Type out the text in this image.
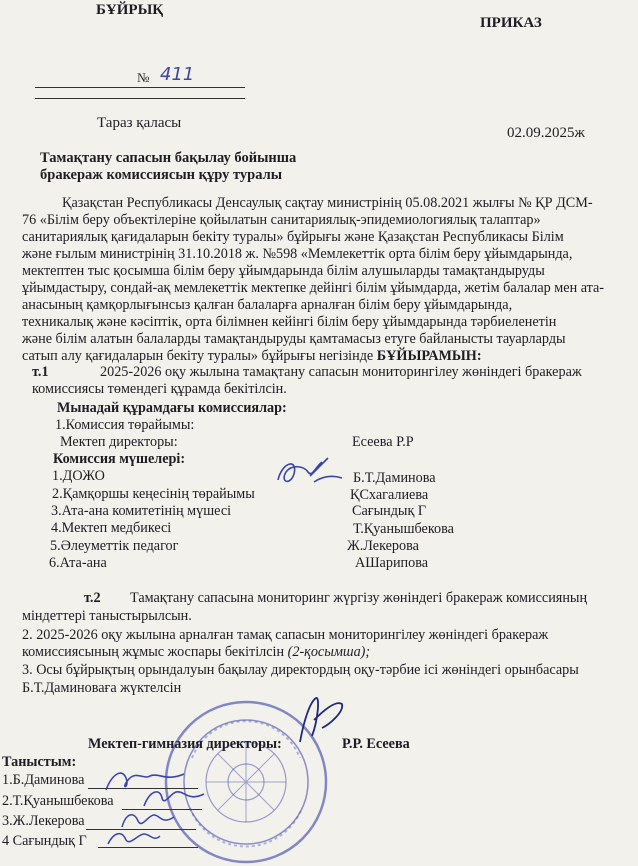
БҰЙРЫҚ
ПРИКАЗ
№ 411
Тараз қаласы
02.09.2025ж
Тамақтану сапасын бақылау бойынша
бракераж комиссиясын құру туралы
Қазақстан Республикасы Денсаулық сақтау министрінің 05.08.2021 жылғы № ҚР ДСМ-
76 «Білім беру объектілеріне қойылатын санитариялық-эпидемиологиялық талаптар»
санитариялық қағидаларын бекіту туралы» бұйрығы және Қазақстан Республикасы Білім
және ғылым министрінің 31.10.2018 ж. №598 «Мемлекеттік орта білім беру ұйымдарында,
мектептен тыс қосымша білім беру ұйымдарында білім алушыларды тамақтандыруды
ұйымдастыру, сондай-ақ мемлекеттік мектепке дейінгі білім ұйымдарда, жетім балалар мен ата-
анасының қамқорлығынсыз қалған балаларға арналған білім беру ұйымдарында,
техникалық және кәсіптік, орта білімнен кейінгі білім беру ұйымдарында тәрбиеленетін
және білім алатын балаларды тамақтандыруды қамтамасыз етуге байланысты тауарларды
сатып алу қағидаларын бекіту туралы» бұйрығы негізінде БҰЙЫРАМЫН:
т.1	2025-2026 оқу жылына тамақтану сапасын мониторингілеу жөніндегі бракераж
комиссиясы төмендегі құрамда бекітілсін.
Мынадай құрамдағы комиссиялар:
1.Комиссия төрайымы:
Мектеп директоры:	Есеева Р.Р
Комиссия мүшелері:
1.ДОЖО	Б.Т.Даминова
2.Қамқоршы кеңесінің төрайымы	ҚСхагалиева
3.Ата-ана комитетінің мүшесі	Сағындық Г
4.Мектеп медбикесі	Т.Қуанышбекова
5.Әлеуметтік педагог	Ж.Лекерова
6.Ата-ана	АШарипова
т.2 Тамақтану сапасына мониторинг жүргізу жөніндегі бракераж комиссияның
міндеттері таныстырылсын.
2. 2025-2026 оқу жылына арналған тамақ сапасын мониторингілеу жөніндегі бракераж
комиссиясының жұмыс жоспары бекітілсін (2-қосымша);
3. Осы бұйрықтың орындалуын бақылау директордың оқу-тәрбие ісі жөніндегі орынбасары
Б.Т.Даминоваға жүктелсін
Мектеп-гимназия директоры:	Р.Р. Есеева
Таныстым:
1.Б.Даминова
2.Т.Қуанышбекова
3.Ж.Лекерова
4 Сағындық Г
